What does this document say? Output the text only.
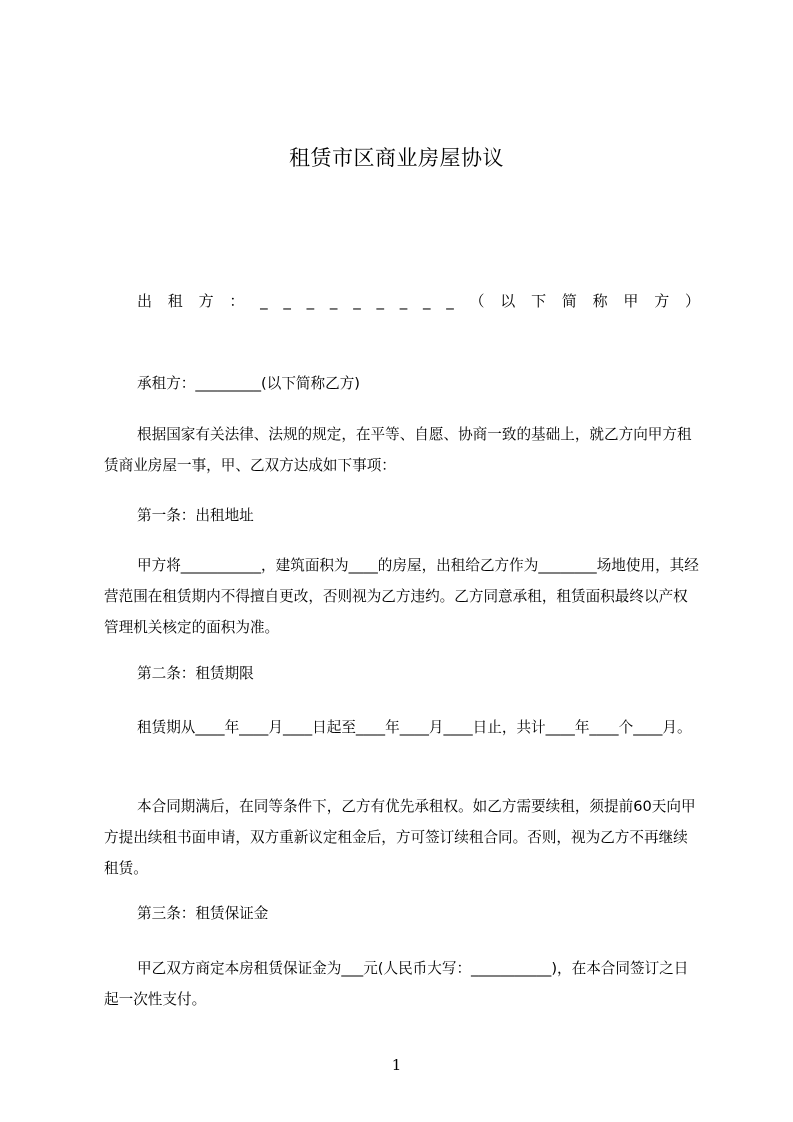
租赁市区商业房屋协议
出 租 方 ： _ _ _ _ _ _ _ _ _ （ 以 下 简 称 甲 方 ）

承租方：_________(以下简称乙方)

根据国家有关法律、法规的规定，在平等、自愿、协商一致的基础上，就乙方向甲方租赁商业房屋一事，甲、乙双方达成如下事项：

第一条：出租地址

甲方将___________，建筑面积为____的房屋，出租给乙方作为________场地使用，其经营范围在租赁期内不得擅自更改，否则视为乙方违约。乙方同意承租，租赁面积最终以产权管理机关核定的面积为准。

第二条：租赁期限

租赁期从____年____月____日起至____年____月____日止，共计____年____个____月。

本合同期满后，在同等条件下，乙方有优先承租权。如乙方需要续租，须提前60天向甲方提出续租书面申请，双方重新议定租金后，方可签订续租合同。否则，视为乙方不再继续租赁。

第三条：租赁保证金

甲乙双方商定本房租赁保证金为___元(人民币大写：___________)，在本合同签订之日起一次性支付。

1
